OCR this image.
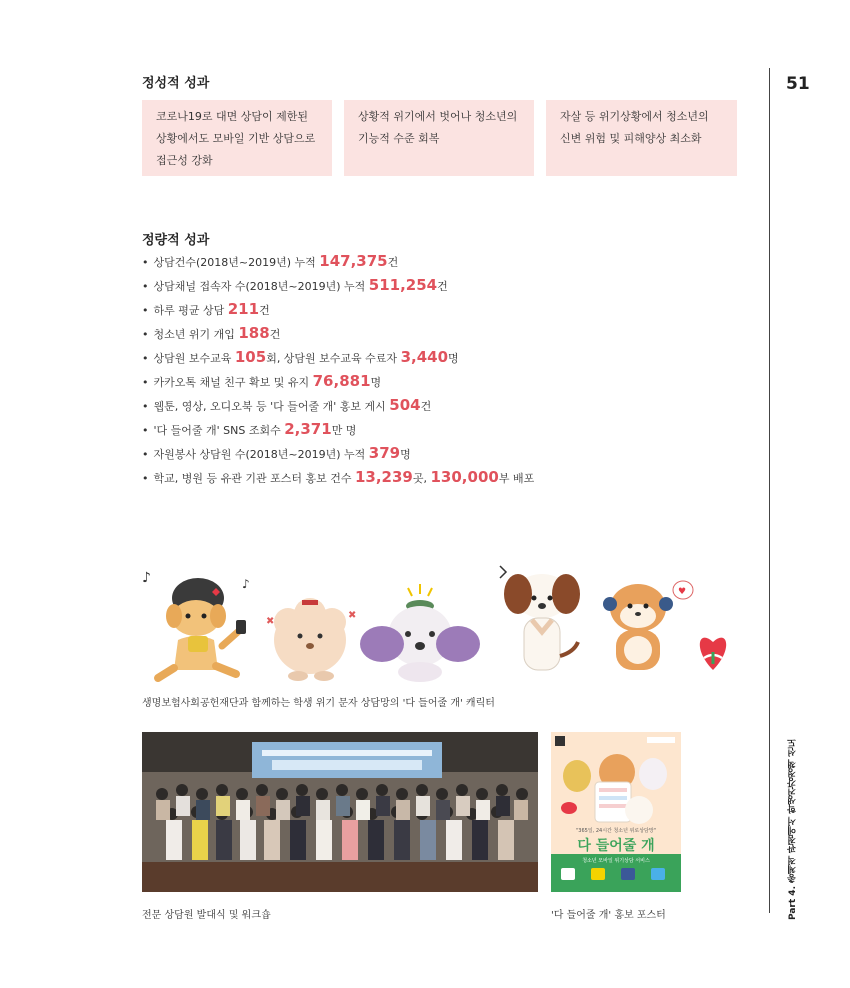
정성적 성과
코로나19로 대면 상담이 제한된
상황에서도 모바일 기반 상담으로
접근성 강화
상황적 위기에서 벗어나 청소년의
기능적 수준 회복
자살 등 위기상황에서 청소년의
신변 위험 및 피해양상 최소화
정량적 성과
• 상담건수(2018년~2019년) 누적 147,375건
• 상담채널 접속자 수(2018년~2019년) 누적 511,254건
• 하루 평균 상담 211건
• 청소년 위기 개입 188건
• 상담원 보수교육 105회, 상담원 보수교육 수료자 3,440명
• 카카오톡 채널 친구 확보 및 유지 76,881명
• 웹툰, 영상, 오디오북 등 '다 들어줄 개' 홍보 게시 504건
• '다 들어줄 개' SNS 조회수 2,371만 명
• 자원봉사 상담원 수(2018년~2019년) 누적 379명
• 학교, 병원 등 유관 기관 포스터 홍보 건수 13,239곳, 130,000부 배포
♪	♪
✖
✖
♥
생명보험사회공헌재단과 함께하는 학생 위기 문자 상담망의 '다 들어줄 개' 캐릭터
전문 상담원 발대식 및 워크숍
"365일, 24시간 청소년 위로상담망"
다 들어줄 개
청소년 모바일 위기상담 서비스
'다 들어줄 개' 홍보 포스터
51
Part 4. 총체적 관점에서 학생건강정책 선도
